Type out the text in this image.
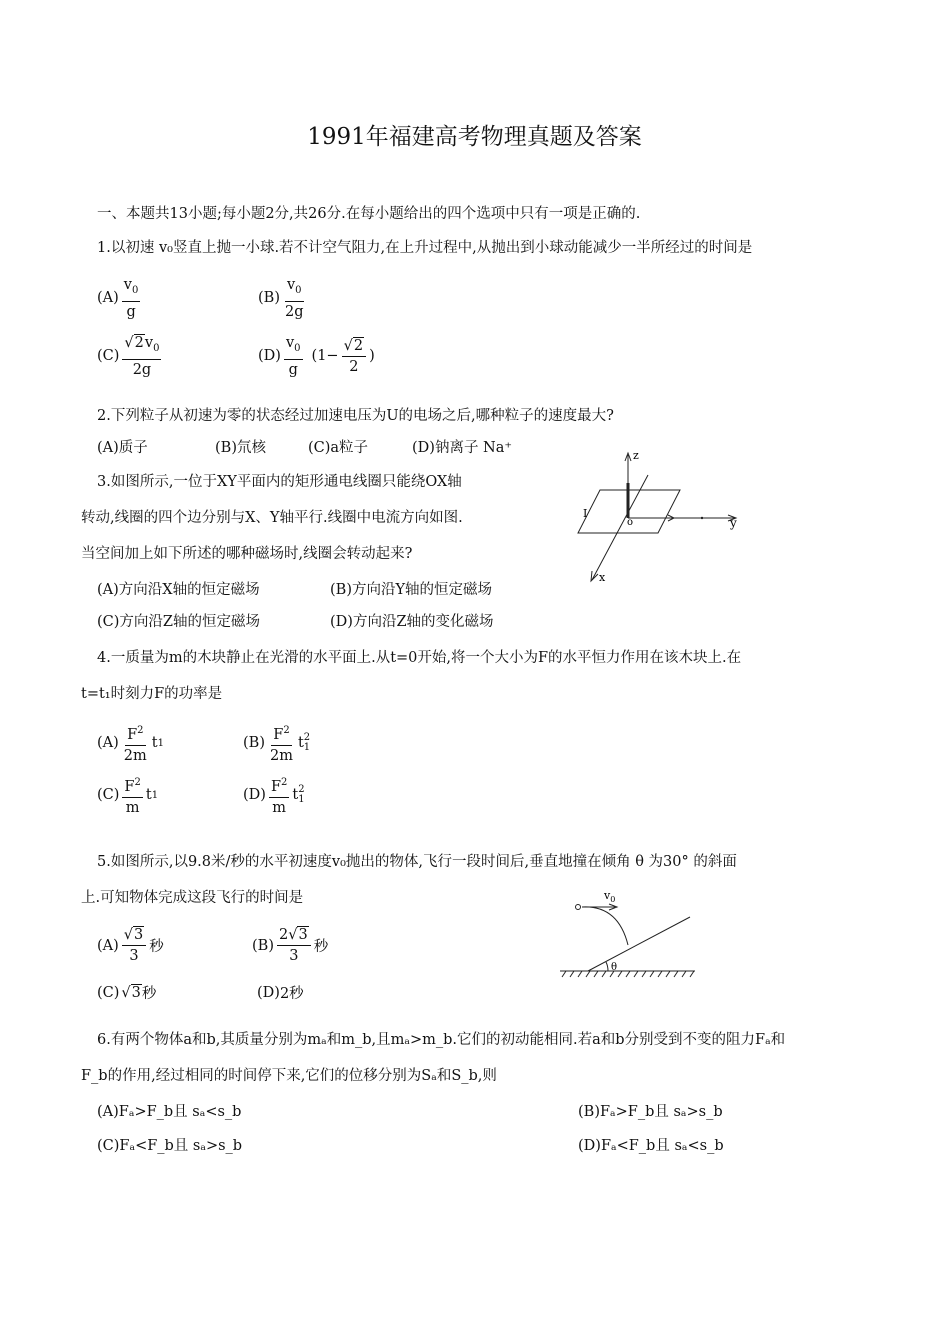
1991年福建高考物理真题及答案
一、本题共13小题;每小题2分,共26分.在每小题给出的四个选项中只有一项是正确的.
1.以初速 v₀竖直上抛一小球.若不计空气阻力,在上升过程中,从抛出到小球动能减少一半所经过的时间是
$(A) \frac{v_0}{g}$	$(B) \frac{v_0}{2g}$
$(C) \frac{√2v_0}{2g}$	$(D) \frac{v_0}{g} (1- \frac{√2}{2}$ )
2.下列粒子从初速为零的状态经过加速电压为U的电场之后,哪种粒子的速度最大?
(A)质子	(B)氘核	(C)a粒子	(D)钠离子 Na⁺
3.如图所示,一位于XY平面内的矩形通电线圈只能绕OX轴
转动,线圈的四个边分别与X、Y轴平行.线圈中电流方向如图.
当空间加上如下所述的哪种磁场时,线圈会转动起来?
(A)方向沿X轴的恒定磁场	(B)方向沿Y轴的恒定磁场
(C)方向沿Z轴的恒定磁场	(D)方向沿Z轴的变化磁场
z
y
x
o
I
4.一质量为m的木块静止在光滑的水平面上.从t=0开始,将一个大小为F的水平恒力作用在该木块上.在
t=t₁时刻力F的功率是
$(A) \frac{F^2}{2m}$ t 1	$(B) \frac{F^2}{2m}$ t 2
1
$(C) \frac{F^2}{m}$ t 1	$(D) \frac{F^2}{m}$ t 2
1
5.如图所示,以9.8米/秒的水平初速度v₀抛出的物体,飞行一段时间后,垂直地撞在倾角 θ 为30° 的斜面
上.可知物体完成这段飞行的时间是
$(A) \frac{√3}{3}$ 秒	$(B) \frac{2√3}{3}$ 秒
(C) √3 秒	(D) 2秒
$v_0$
θ
6.有两个物体a和b,其质量分别为mₐ和m_b,且mₐ>m_b.它们的初动能相同.若a和b分别受到不变的阻力Fₐ和
F_b的作用,经过相同的时间停下来,它们的位移分别为Sₐ和S_b,则
(A)Fₐ>F_b且 sₐ<s_b	(B)Fₐ>F_b且 sₐ>s_b
(C)Fₐ<F_b且 sₐ>s_b	(D)Fₐ<F_b且 sₐ<s_b
